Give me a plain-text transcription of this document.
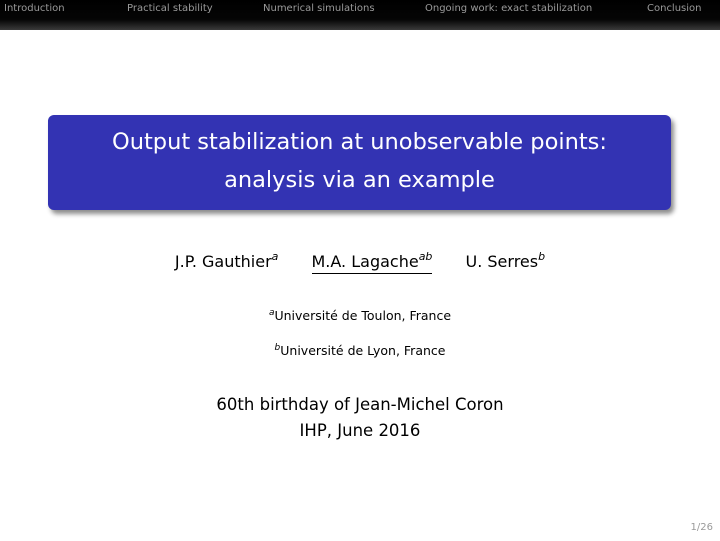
Introduction	Practical stability	Numerical simulations	Ongoing work: exact stabilization	Conclusion
Output stabilization at unobservable points:
analysis via an example
J.P. Gauthier$^a$ M.A. Lagache$^{ab}$ U. Serres$^b$
$^a$Université de Toulon, France
$^b$Université de Lyon, France
60th birthday of Jean-Michel Coron
IHP, June 2016
1/26
